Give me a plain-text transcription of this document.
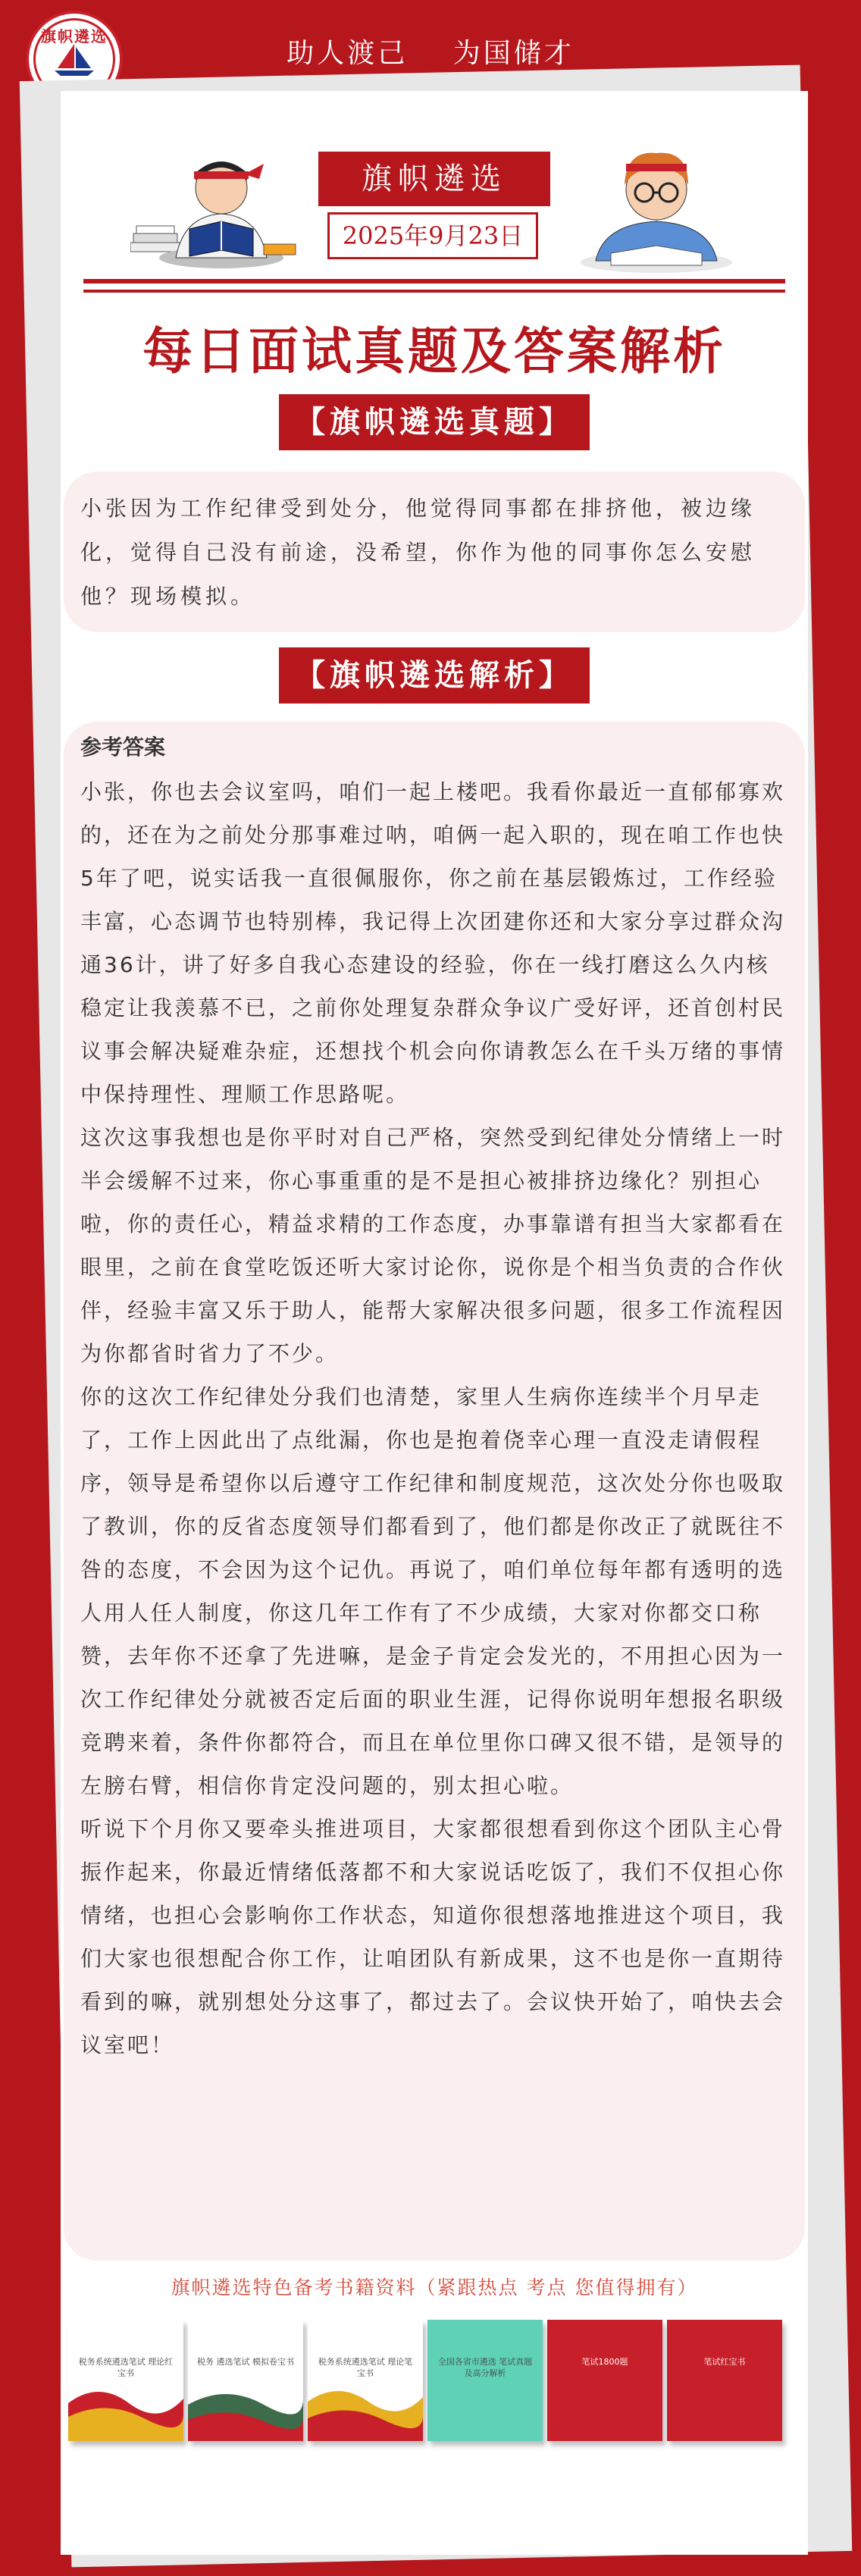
旗帜遴选
助人渡己 为国储才
旗帜遴选
2025年9月23日
每日面试真题及答案解析
【旗帜遴选真题】
小张因为工作纪律受到处分，他觉得同事都在排挤他，被边缘化，觉得自己没有前途，没希望，你作为他的同事你怎么安慰他？现场模拟。
【旗帜遴选解析】
参考答案

小张，你也去会议室吗，咱们一起上楼吧。我看你最近一直郁郁寡欢的，还在为之前处分那事难过呐，咱俩一起入职的，现在咱工作也快5年了吧，说实话我一直很佩服你，你之前在基层锻炼过，工作经验丰富，心态调节也特别棒，我记得上次团建你还和大家分享过群众沟通36计，讲了好多自我心态建设的经验，你在一线打磨这么久内核稳定让我羡慕不已，之前你处理复杂群众争议广受好评，还首创村民议事会解决疑难杂症，还想找个机会向你请教怎么在千头万绪的事情中保持理性、理顺工作思路呢。

这次这事我想也是你平时对自己严格，突然受到纪律处分情绪上一时半会缓解不过来，你心事重重的是不是担心被排挤边缘化？别担心啦，你的责任心，精益求精的工作态度，办事靠谱有担当大家都看在眼里，之前在食堂吃饭还听大家讨论你，说你是个相当负责的合作伙伴，经验丰富又乐于助人，能帮大家解决很多问题，很多工作流程因为你都省时省力了不少。

你的这次工作纪律处分我们也清楚，家里人生病你连续半个月早走了，工作上因此出了点纰漏，你也是抱着侥幸心理一直没走请假程序，领导是希望你以后遵守工作纪律和制度规范，这次处分你也吸取了教训，你的反省态度领导们都看到了，他们都是你改正了就既往不咎的态度，不会因为这个记仇。再说了，咱们单位每年都有透明的选人用人任人制度，你这几年工作有了不少成绩，大家对你都交口称赞，去年你不还拿了先进嘛，是金子肯定会发光的，不用担心因为一次工作纪律处分就被否定后面的职业生涯，记得你说明年想报名职级竞聘来着，条件你都符合，而且在单位里你口碑又很不错，是领导的左膀右臂，相信你肯定没问题的，别太担心啦。

听说下个月你又要牵头推进项目，大家都很想看到你这个团队主心骨振作起来，你最近情绪低落都不和大家说话吃饭了，我们不仅担心你情绪，也担心会影响你工作状态，知道你很想落地推进这个项目，我们大家也很想配合你工作，让咱团队有新成果，这不也是你一直期待看到的嘛，就别想处分这事了，都过去了。会议快开始了，咱快去会议室吧！

旗帜遴选特色备考书籍资料（紧跟热点 考点 您值得拥有）
税务系统遴选笔试 理论红宝书
税务 遴选笔试 模拟卷宝书	税务系统遴选笔试 理论笔宝书
全国各省市遴选 笔试真题及高分解析
笔试1800题	笔试红宝书
